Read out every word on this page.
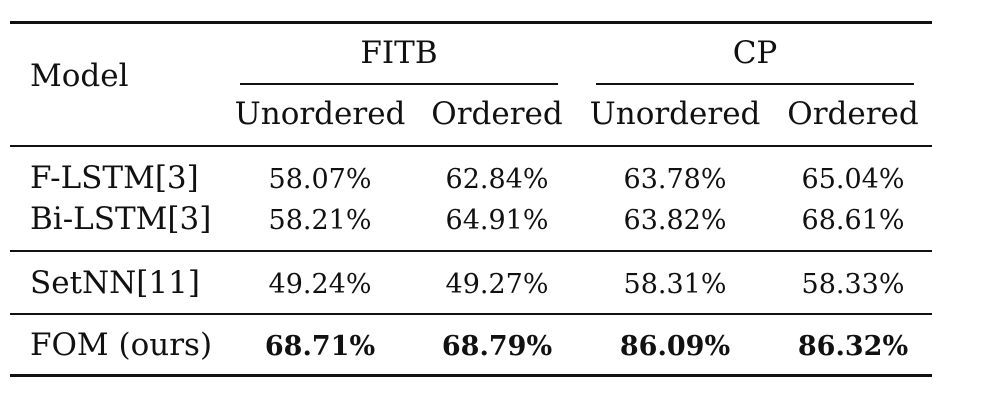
Model
FITB	CP
Unordered Ordered Unordered Ordered
F-LSTM[3]	58.07%	62.84%	63.78%	65.04%
Bi-LSTM[3] 58.21%	64.91%	63.82%	68.61%
SetNN[11]	49.24%	49.27%	58.31%	58.33%
FOM (ours) 68.71% 68.79%	86.09%	86.32%
